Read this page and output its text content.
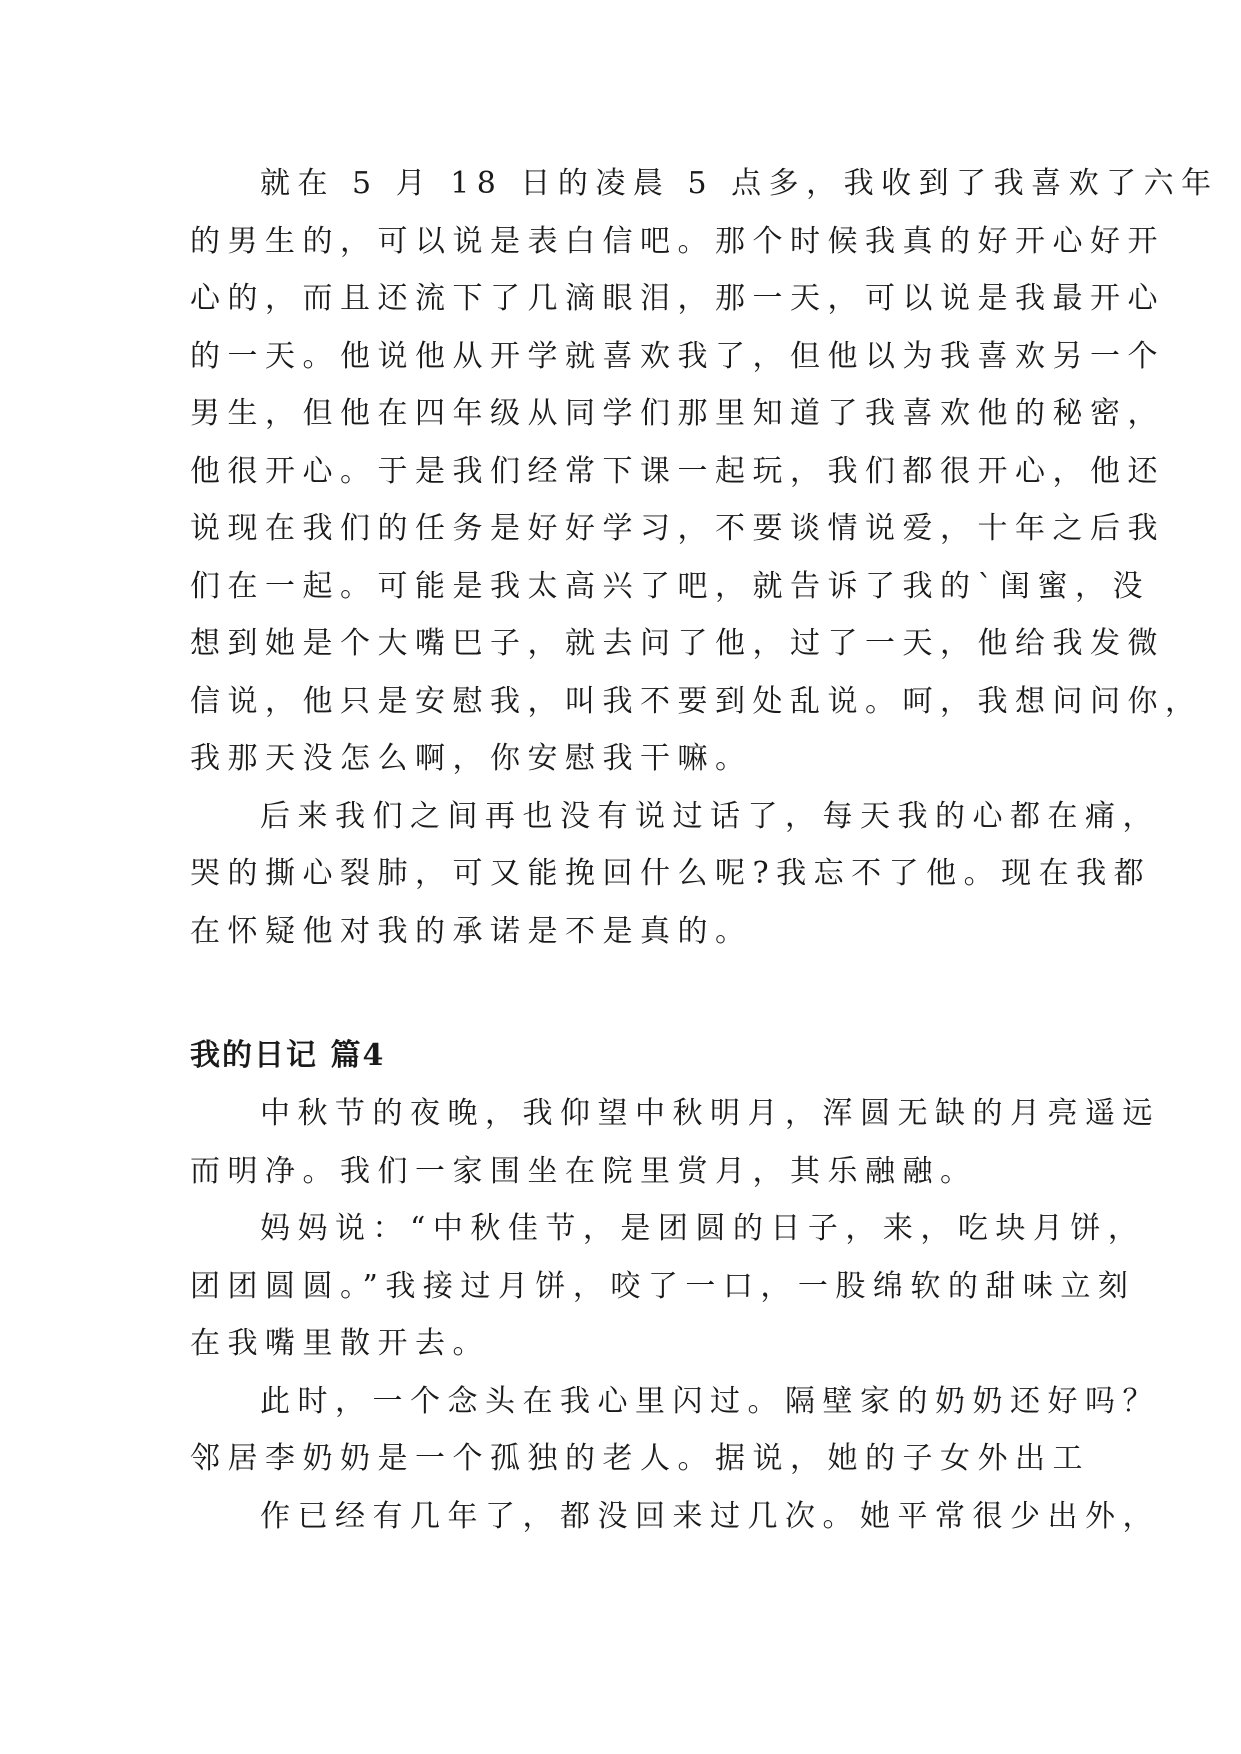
就在 5 月 18 日的凌晨 5 点多，我收到了我喜欢了六年

的男生的，可以说是表白信吧。那个时候我真的好开心好开

心的，而且还流下了几滴眼泪，那一天，可以说是我最开心

的一天。他说他从开学就喜欢我了，但他以为我喜欢另一个

男生，但他在四年级从同学们那里知道了我喜欢他的秘密，

他很开心。于是我们经常下课一起玩，我们都很开心，他还

说现在我们的任务是好好学习，不要谈情说爱，十年之后我

们在一起。可能是我太高兴了吧，就告诉了我的`闺蜜，没

想到她是个大嘴巴子，就去问了他，过了一天，他给我发微

信说，他只是安慰我，叫我不要到处乱说。呵，我想问问你，

我那天没怎么啊，你安慰我干嘛。

后来我们之间再也没有说过话了，每天我的心都在痛，

哭的撕心裂肺，可又能挽回什么呢?我忘不了他。现在我都

在怀疑他对我的承诺是不是真的。

我的日记 篇4

中秋节的夜晚，我仰望中秋明月，浑圆无缺的月亮遥远

而明净。我们一家围坐在院里赏月，其乐融融。

妈妈说：“中秋佳节，是团圆的日子，来，吃块月饼，

团团圆圆。”我接过月饼，咬了一口，一股绵软的甜味立刻

在我嘴里散开去。

此时，一个念头在我心里闪过。隔壁家的奶奶还好吗？

邻居李奶奶是一个孤独的老人。据说，她的子女外出工

作已经有几年了，都没回来过几次。她平常很少出外，
